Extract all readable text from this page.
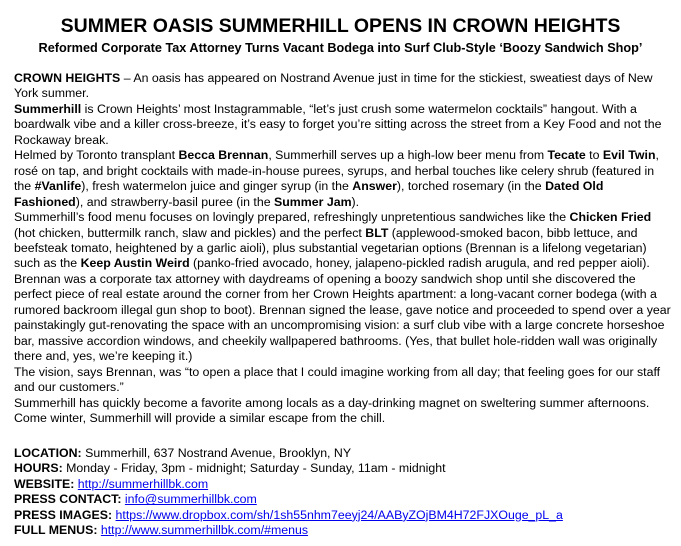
SUMMER OASIS SUMMERHILL OPENS IN CROWN HEIGHTS
Reformed Corporate Tax Attorney Turns Vacant Bodega into Surf Club-Style ‘Boozy Sandwich Shop’

CROWN HEIGHTS – An oasis has appeared on Nostrand Avenue just in time for the stickiest, sweatiest days of New York summer.

Summerhill is Crown Heights’ most Instagrammable, “let’s just crush some watermelon cocktails” hangout. With a boardwalk vibe and a killer cross-breeze, it’s easy to forget you’re sitting across the street from a Key Food and not the Rockaway break.

Helmed by Toronto transplant Becca Brennan, Summerhill serves up a high-low beer menu from Tecate to Evil Twin, rosé on tap, and bright cocktails with made-in-house purees, syrups, and herbal touches like celery shrub (featured in the #Vanlife), fresh watermelon juice and ginger syrup (in the Answer), torched rosemary (in the Dated Old Fashioned), and strawberry-basil puree (in the Summer Jam).

Summerhill’s food menu focuses on lovingly prepared, refreshingly unpretentious sandwiches like the Chicken Fried (hot chicken, buttermilk ranch, slaw and pickles) and the perfect BLT (applewood-smoked bacon, bibb lettuce, and beefsteak tomato, heightened by a garlic aioli), plus substantial vegetarian options (Brennan is a lifelong vegetarian) such as the Keep Austin Weird (panko-fried avocado, honey, jalapeno-pickled radish arugula, and red pepper aioli).

Brennan was a corporate tax attorney with daydreams of opening a boozy sandwich shop until she discovered the perfect piece of real estate around the corner from her Crown Heights apartment: a long-vacant corner bodega (with a rumored backroom illegal gun shop to boot). Brennan signed the lease, gave notice and proceeded to spend over a year painstakingly gut-renovating the space with an uncompromising vision: a surf club vibe with a large concrete horseshoe bar, massive accordion windows, and cheekily wallpapered bathrooms. (Yes, that bullet hole-ridden wall was originally there and, yes, we’re keeping it.)

The vision, says Brennan, was “to open a place that I could imagine working from all day; that feeling goes for our staff and our customers.”

Summerhill has quickly become a favorite among locals as a day-drinking magnet on sweltering summer afternoons. Come winter, Summerhill will provide a similar escape from the chill.

LOCATION: Summerhill, 637 Nostrand Avenue, Brooklyn, NY

HOURS: Monday - Friday, 3pm - midnight; Saturday - Sunday, 11am - midnight

WEBSITE: http://summerhillbk.com

PRESS CONTACT: info@summerhillbk.com

PRESS IMAGES: https://www.dropbox.com/sh/1sh55nhm7eeyj24/AAByZOjBM4H72FJXOuge_pL_a

FULL MENUS: http://www.summerhillbk.com/#menus
